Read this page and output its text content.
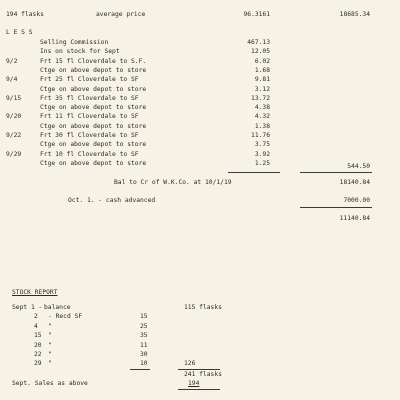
194 flasks	average price	96.3161	18685.34
L E S S
Selling Commission	467.13
Ins on stock for Sept	12.05
9/2	Frt 15 fl Cloverdale to S.F.	6.02
Ctge on above depot to store	1.68
9/4	Frt 25 fl Cloverdale to SF	9.81
Ctge on above depot to store	3.12
9/15	Frt 35 fl Cloverdale to SF	13.72
Ctge on above depot to store	4.38
9/20	Frt 11 fl Cloverdale to SF	4.32
Ctge on above depot to store	1.38
9/22	Frt 30 fl Cloverdale to SF	11.76
Ctge on above depot to store	3.75
9/29	Frt 10 fl Cloverdale to SF	3.92
Ctge on above depot to store	1.25	544.50
Bal to Cr of W.K.Co. at 10/1/19	18140.84
Oct. 1. - cash advanced	7000.00
11140.84
STOCK REPORT
Sept 1 - balance	115 flasks
2 - Recd SF	15
4 "	25
15 "	35
20 "	11
22 "	30
29 "	10	126
241 flasks
Sept. Sales as above	194
